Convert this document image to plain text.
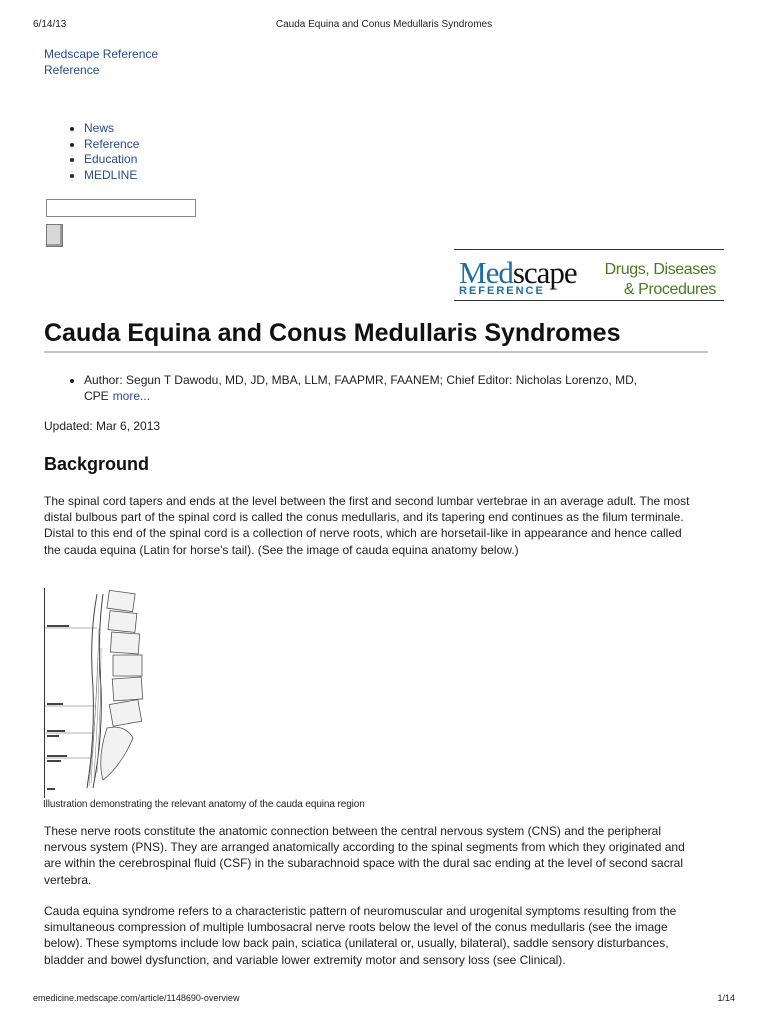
6/14/13	Cauda Equina and Conus Medullaris Syndromes
Medscape Reference
Reference
• News
• Reference
• Education
• MEDLINE
Medscape
REFERENCE
Drugs, Diseases
& Procedures
Cauda Equina and Conus Medullaris Syndromes
• Author: Segun T Dawodu, MD, JD, MBA, LLM, FAAPMR, FAANEM; Chief Editor: Nicholas Lorenzo, MD, CPE more...
Updated: Mar 6, 2013
Background

The spinal cord tapers and ends at the level between the first and second lumbar vertebrae in an average adult. The most distal bulbous part of the spinal cord is called the conus medullaris, and its tapering end continues as the filum terminale. Distal to this end of the spinal cord is a collection of nerve roots, which are horsetail-like in appearance and hence called the cauda equina (Latin for horse's tail). (See the image of cauda equina anatomy below.)

Illustration demonstrating the relevant anatomy of the cauda equina region

These nerve roots constitute the anatomic connection between the central nervous system (CNS) and the peripheral nervous system (PNS). They are arranged anatomically according to the spinal segments from which they originated and are within the cerebrospinal fluid (CSF) in the subarachnoid space with the dural sac ending at the level of second sacral vertebra.

Cauda equina syndrome refers to a characteristic pattern of neuromuscular and urogenital symptoms resulting from the simultaneous compression of multiple lumbosacral nerve roots below the level of the conus medullaris (see the image below). These symptoms include low back pain, sciatica (unilateral or, usually, bilateral), saddle sensory disturbances, bladder and bowel dysfunction, and variable lower extremity motor and sensory loss (see Clinical).

emedicine.medscape.com/article/1148690-overview	1/14
